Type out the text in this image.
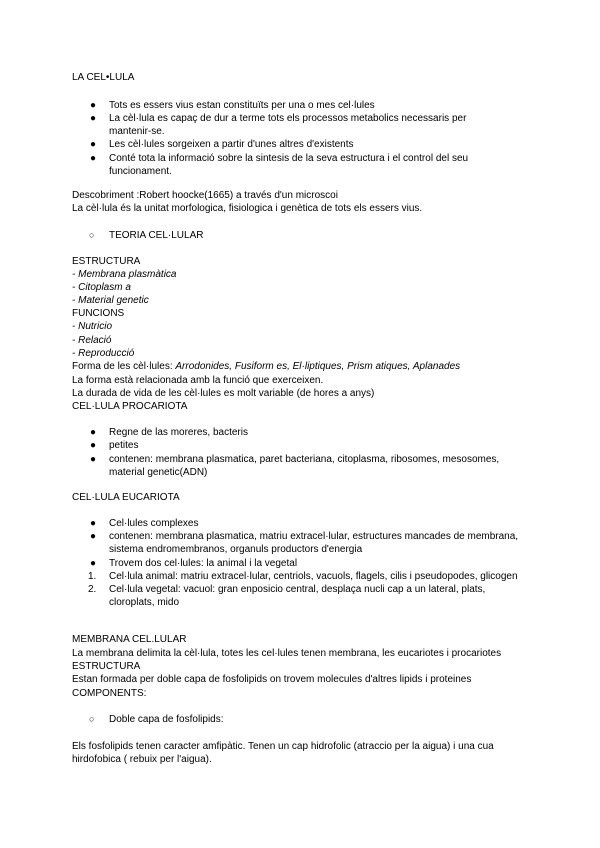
LA CEL•LULA

● Tots es essers vius estan constituïts per una o mes cel·lules

● La cèl·lula es capaç de dur a terme tots els processos metabolics necessaris per

mantenir-se.

● Les cèl·lules sorgeixen a partir d'unes altres d'existents

● Conté tota la informació sobre la sintesis de la seva estructura i el control del seu

funcionament.

Descobriment :Robert hoocke(1665) a través d'un microscoi

La cèl·lula és la unitat morfologica, fisiologica i genètica de tots els essers vius.

○ TEORIA CEL·LULAR

ESTRUCTURA

- Membrana plasmàtica

- Citoplasm a

- Material genetic

FUNCIONS

- Nutricio

- Relació

- Reproducció

Forma de les cèl·lules: Arrodonides, Fusiform es, El·liptiques, Prism atiques, Aplanades

La forma està relacionada amb la funció que exerceixen.

La durada de vida de les cèl·lules es molt variable (de hores a anys)

CEL·LULA PROCARIOTA

● Regne de las moreres, bacteris

● petites

● contenen: membrana plasmatica, paret bacteriana, citoplasma, ribosomes, mesosomes,

material genetic(ADN)

CEL·LULA EUCARIOTA

● Cel·lules complexes

● contenen: membrana plasmatica, matriu extracel·lular, estructures mancades de membrana,

sistema endromembranos, organuls productors d'energia

● Trovem dos cel·lules: la animal i la vegetal

1. Cel·lula animal: matriu extracel·lular, centriols, vacuols, flagels, cilis i pseudopodes, glicogen

2. Cel·lula vegetal: vacuol: gran enposicio central, desplaça nucli cap a un lateral, plats,

cloroplats, mido

MEMBRANA CEL.LULAR

La membrana delimita la cèl·lula, totes les cel·lules tenen membrana, les eucariotes i procariotes

ESTRUCTURA

Estan formada per doble capa de fosfolipids on trovem molecules d'altres lipids i proteines

COMPONENTS:

○ Doble capa de fosfolipids:

Els fosfolipids tenen caracter amfipàtic. Tenen un cap hidrofolic (atraccio per la aigua) i una cua

hirdofobica ( rebuix per l'aigua).
